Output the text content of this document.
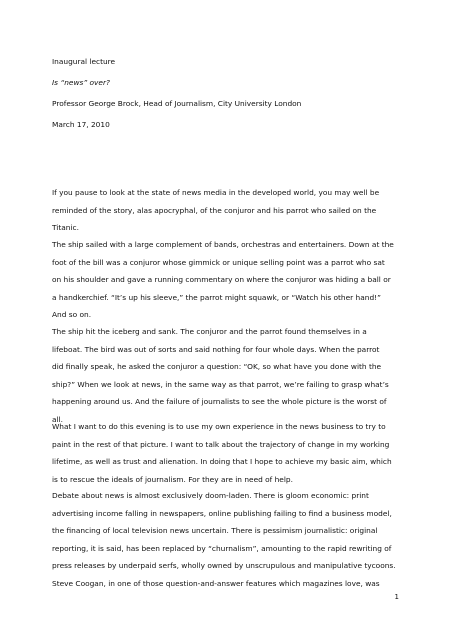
Inaugural lecture
Is “news” over?
Professor George Brock, Head of Journalism, City University London
March 17, 2010
If you pause to look at the state of news media in the developed world, you may well be
reminded of the story, alas apocryphal, of the conjuror and his parrot who sailed on the
Titanic.
The ship sailed with a large complement of bands, orchestras and entertainers. Down at the
foot of the bill was a conjuror whose gimmick or unique selling point was a parrot who sat
on his shoulder and gave a running commentary on where the conjuror was hiding a ball or
a handkerchief. “It’s up his sleeve,” the parrot might squawk, or “Watch his other hand!”
And so on.
The ship hit the iceberg and sank. The conjuror and the parrot found themselves in a
lifeboat. The bird was out of sorts and said nothing for four whole days. When the parrot
did finally speak, he asked the conjuror a question: “OK, so what have you done with the
ship?” When we look at news, in the same way as that parrot, we’re failing to grasp what’s
happening around us. And the failure of journalists to see the whole picture is the worst of
all.
What I want to do this evening is to use my own experience in the news business to try to
paint in the rest of that picture. I want to talk about the trajectory of change in my working
lifetime, as well as trust and alienation. In doing that I hope to achieve my basic aim, which
is to rescue the ideals of journalism. For they are in need of help.
Debate about news is almost exclusively doom-laden. There is gloom economic: print
advertising income falling in newspapers, online publishing failing to find a business model,
the financing of local television news uncertain. There is pessimism journalistic: original
reporting, it is said, has been replaced by “churnalism”, amounting to the rapid rewriting of
press releases by underpaid serfs, wholly owned by unscrupulous and manipulative tycoons.
Steve Coogan, in one of those question-and-answer features which magazines love, was
1
